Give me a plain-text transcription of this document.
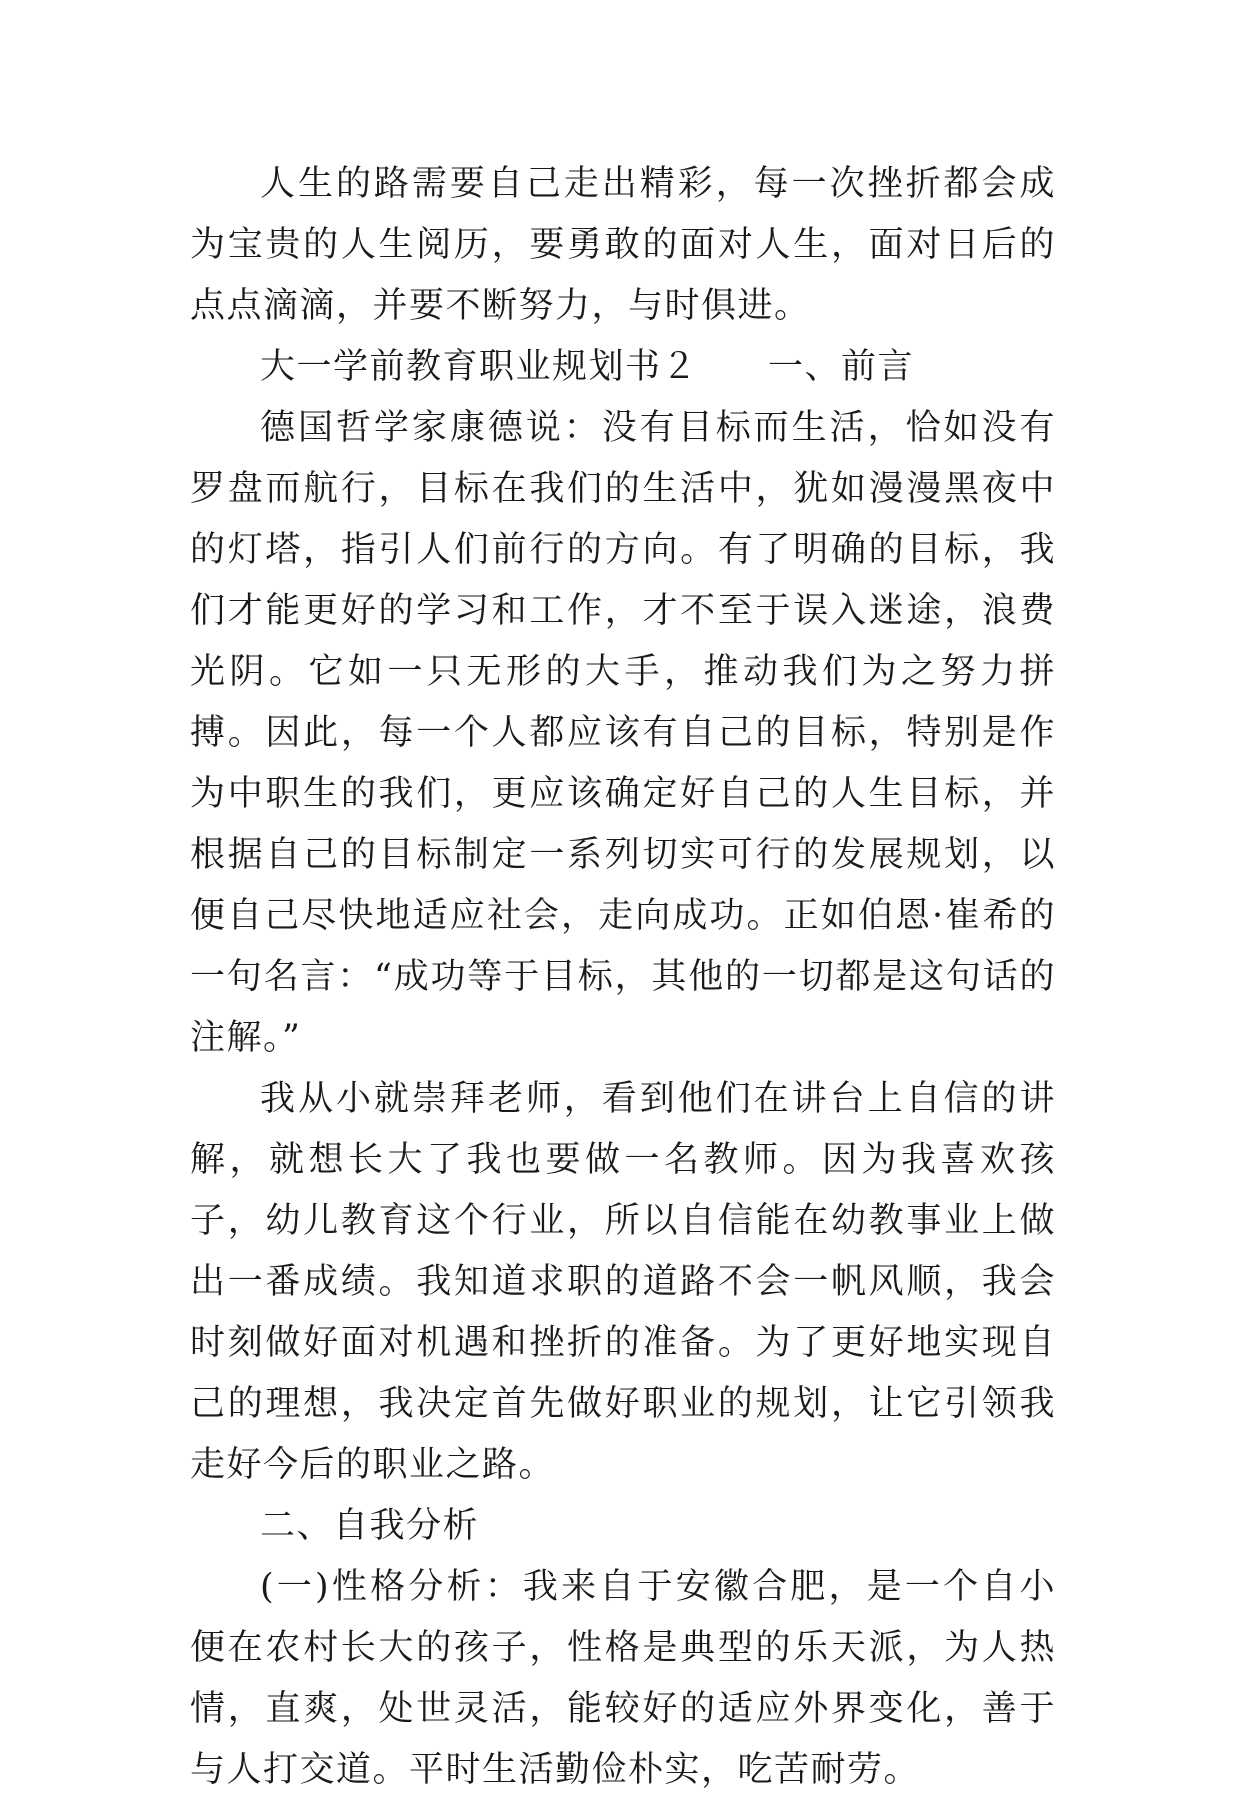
人生的路需要自己走出精彩，每一次挫折都会成为宝贵的人生阅历，要勇敢的面对人生，面对日后的点点滴滴，并要不断努力，与时俱进。

大一学前教育职业规划书２ 一、前言

德国哲学家康德说：没有目标而生活，恰如没有罗盘而航行，目标在我们的生活中，犹如漫漫黑夜中的灯塔，指引人们前行的方向。有了明确的目标，我们才能更好的学习和工作，才不至于误入迷途，浪费光阴。它如一只无形的大手，推动我们为之努力拼搏。因此，每一个人都应该有自己的目标，特别是作为中职生的我们，更应该确定好自己的人生目标，并根据自己的目标制定一系列切实可行的发展规划，以便自己尽快地适应社会，走向成功。正如伯恩·崔希的一句名言：“成功等于目标，其他的一切都是这句话的注解。”

我从小就崇拜老师，看到他们在讲台上自信的讲解，就想长大了我也要做一名教师。因为我喜欢孩子，幼儿教育这个行业，所以自信能在幼教事业上做出一番成绩。我知道求职的道路不会一帆风顺，我会时刻做好面对机遇和挫折的准备。为了更好地实现自己的理想，我决定首先做好职业的规划，让它引领我走好今后的职业之路。

二、自我分析

(一)性格分析：我来自于安徽合肥，是一个自小便在农村长大的孩子，性格是典型的乐天派，为人热情，直爽，处世灵活，能较好的适应外界变化，善于与人打交道。平时生活勤俭朴实，吃苦耐劳。
